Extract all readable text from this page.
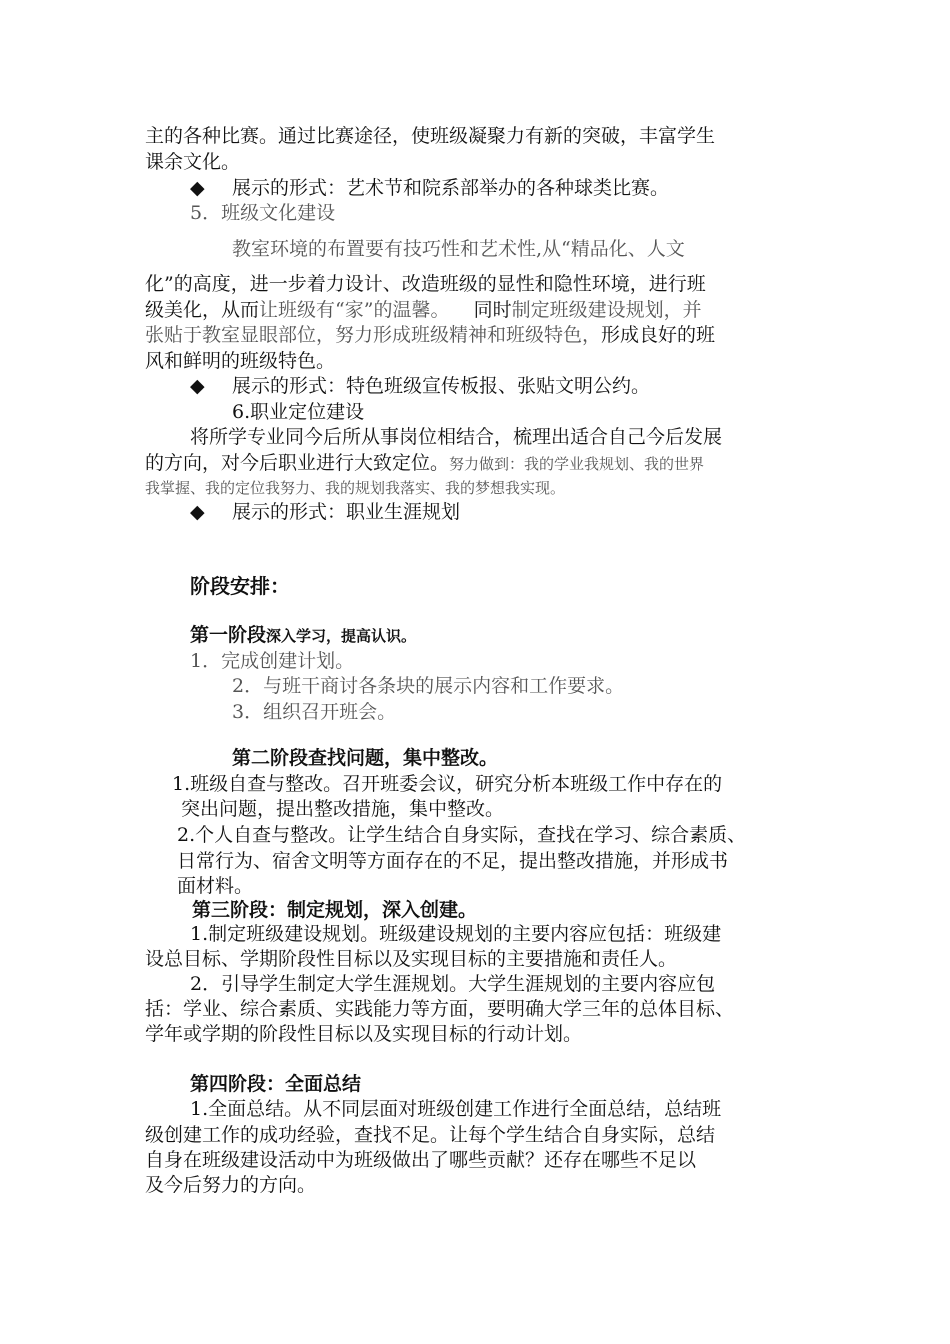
主的各种比赛。通过比赛途径，使班级凝聚力有新的突破，丰富学生
课余文化。
◆ 展示的形式：艺术节和院系部举办的各种球类比赛。
5．班级文化建设
教室环境的布置要有技巧性和艺术性,从“精品化、人文
化”的高度，进一步着力设计、改造班级的显性和隐性环境，进行班
级美化，从而让班级有“家”的温馨。    同时制定班级建设规划，并
张贴于教室显眼部位，努力形成班级精神和班级特色，形成良好的班
风和鲜明的班级特色。
◆ 展示的形式：特色班级宣传板报、张贴文明公约。
6.职业定位建设
将所学专业同今后所从事岗位相结合，梳理出适合自己今后发展
的方向，对今后职业进行大致定位。努力做到：我的学业我规划、我的世界
我掌握、我的定位我努力、我的规划我落实、我的梦想我实现。
◆ 展示的形式：职业生涯规划
阶段安排：
第一阶段深入学习，提高认识。
1．完成创建计划。
2．与班干商讨各条块的展示内容和工作要求。
3．组织召开班会。
第二阶段查找问题，集中整改。
1.班级自查与整改。召开班委会议，研究分析本班级工作中存在的
突出问题，提出整改措施，集中整改。
2.个人自查与整改。让学生结合自身实际，查找在学习、综合素质、
日常行为、宿舍文明等方面存在的不足，提出整改措施，并形成书
面材料。
第三阶段：制定规划，深入创建。
1.制定班级建设规划。班级建设规划的主要内容应包括：班级建
设总目标、学期阶段性目标以及实现目标的主要措施和责任人。
2．引导学生制定大学生涯规划。大学生涯规划的主要内容应包
括：学业、综合素质、实践能力等方面，要明确大学三年的总体目标、
学年或学期的阶段性目标以及实现目标的行动计划。
第四阶段：全面总结
1.全面总结。从不同层面对班级创建工作进行全面总结，总结班
级创建工作的成功经验，查找不足。让每个学生结合自身实际，总结
自身在班级建设活动中为班级做出了哪些贡献？还存在哪些不足以
及今后努力的方向。
